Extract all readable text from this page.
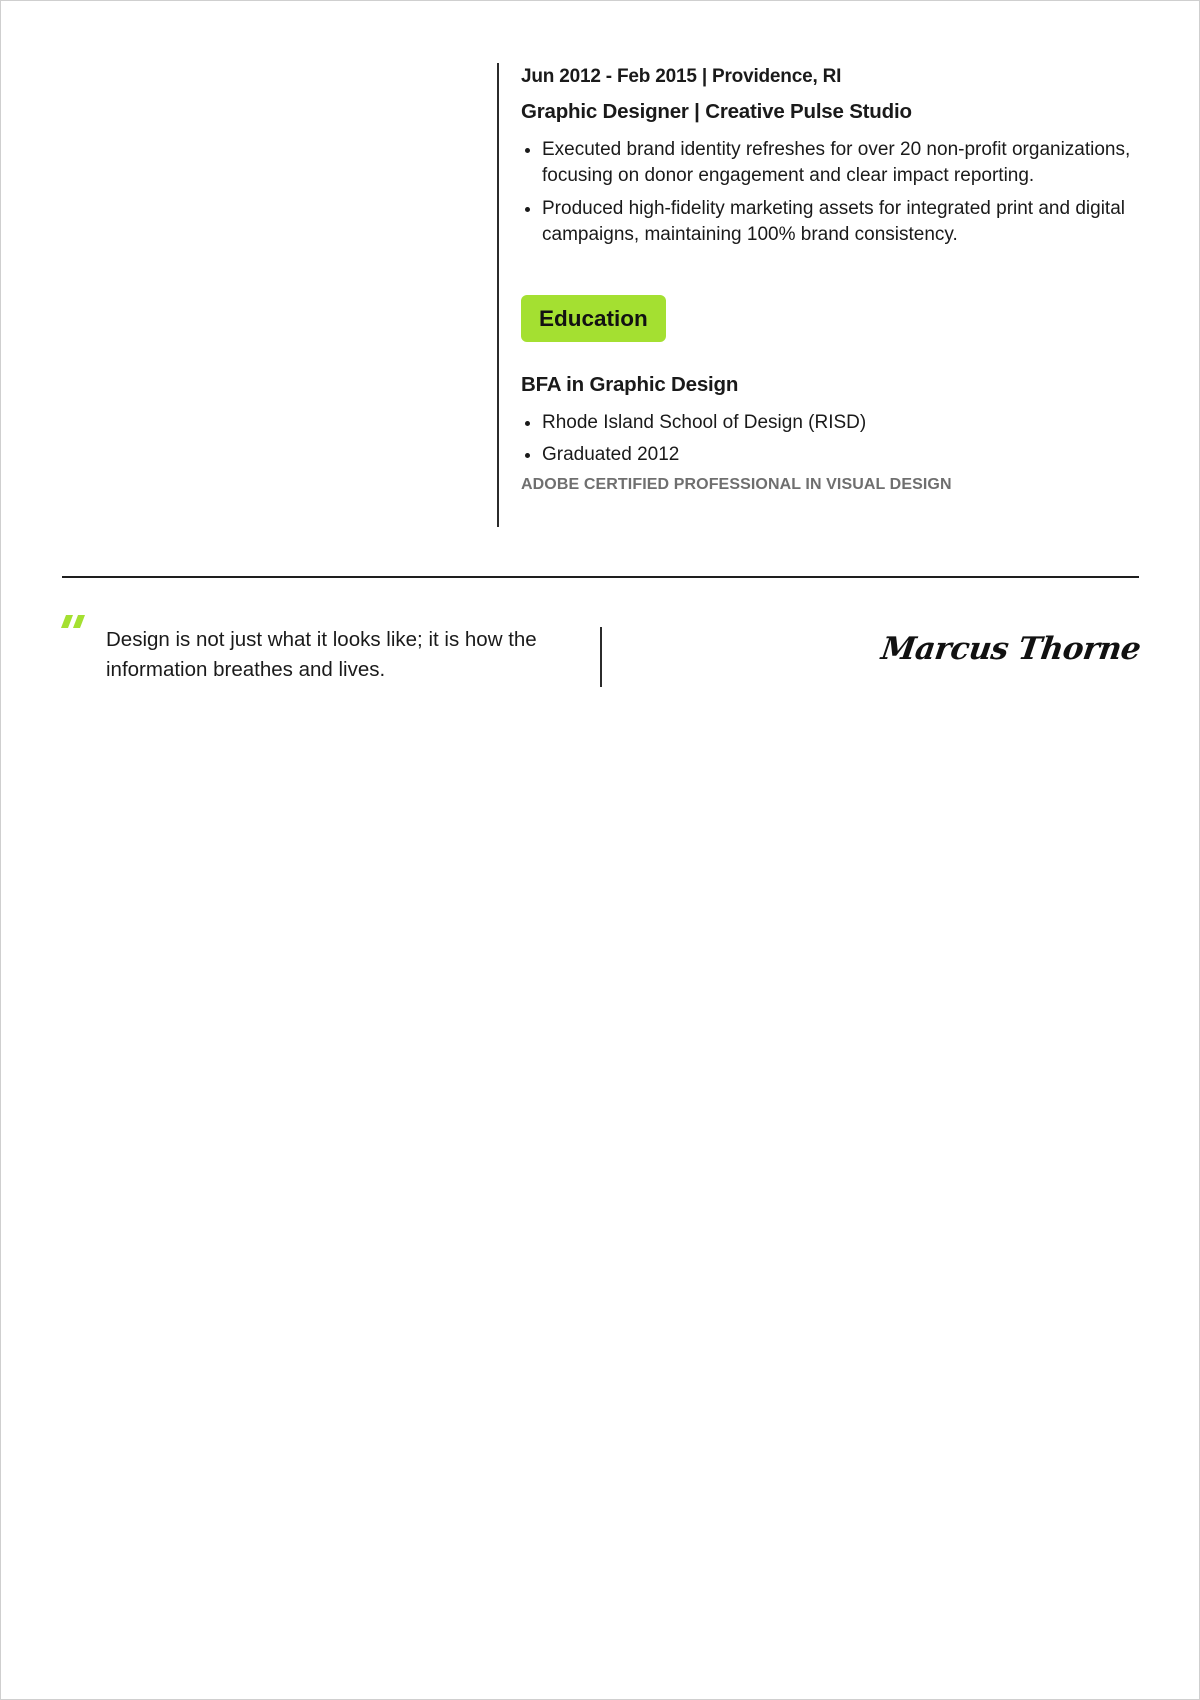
Jun 2012 - Feb 2015 | Providence, RI

Graphic Designer | Creative Pulse Studio

• Executed brand identity refreshes for over 20 non-profit organizations, focusing on donor engagement and clear impact reporting.
• Produced high-fidelity marketing assets for integrated print and digital campaigns, maintaining 100% brand consistency.
Education

BFA in Graphic Design

• Rhode Island School of Design (RISD)
• Graduated 2012

ADOBE CERTIFIED PROFESSIONAL IN VISUAL DESIGN

Design is not just what it looks like; it is how the information breathes and lives.
Marcus Thorne
